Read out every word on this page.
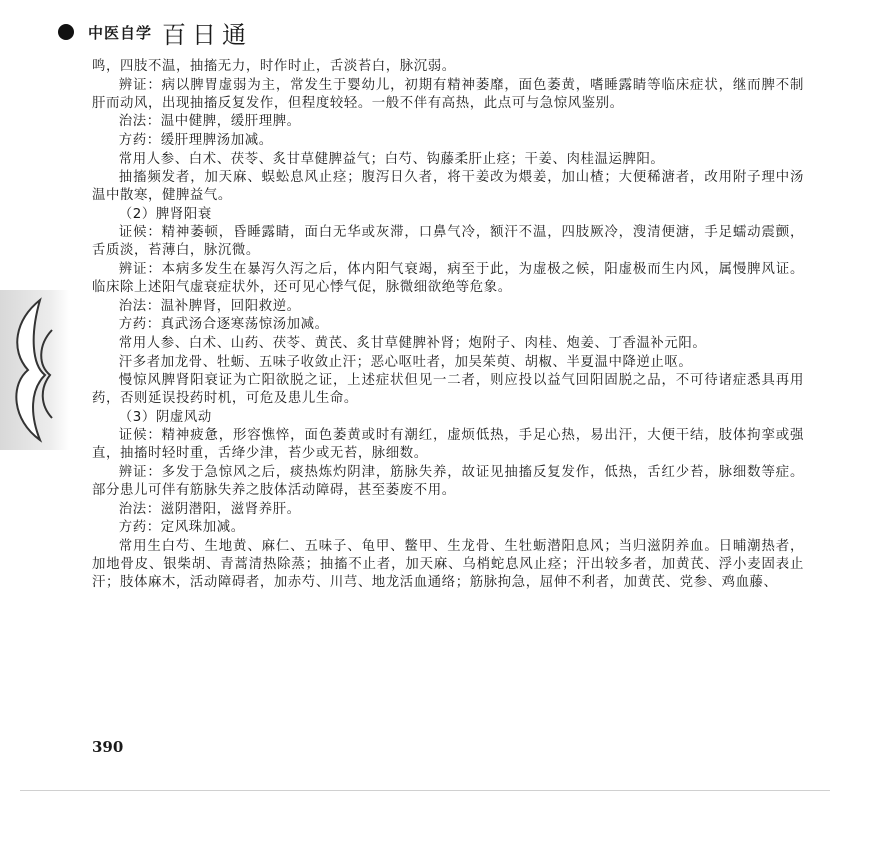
中医自学 百日通

鸣，四肢不温，抽搐无力，时作时止，舌淡苔白，脉沉弱。

辨证：病以脾胃虚弱为主，常发生于婴幼儿，初期有精神萎靡，面色萎黄，嗜睡露睛等临床症状，继而脾不制肝而动风，出现抽搐反复发作，但程度较轻。一般不伴有高热，此点可与急惊风鉴别。

治法：温中健脾，缓肝理脾。

方药：缓肝理脾汤加减。

常用人参、白术、茯苓、炙甘草健脾益气；白芍、钩藤柔肝止痉；干姜、肉桂温运脾阳。

抽搐频发者，加天麻、蜈蚣息风止痉；腹泻日久者，将干姜改为煨姜，加山楂；大便稀溏者，改用附子理中汤温中散寒，健脾益气。

（2）脾肾阳衰

证候：精神萎顿，昏睡露睛，面白无华或灰滞，口鼻气冷，额汗不温，四肢厥冷，溲清便溏，手足蠕动震颤，舌质淡，苔薄白，脉沉微。

辨证：本病多发生在暴泻久泻之后，体内阳气衰竭，病至于此，为虚极之候，阳虚极而生内风，属慢脾风证。临床除上述阳气虚衰症状外，还可见心悸气促，脉微细欲绝等危象。

治法：温补脾肾，回阳救逆。

方药：真武汤合逐寒荡惊汤加减。

常用人参、白术、山药、茯苓、黄芪、炙甘草健脾补肾；炮附子、肉桂、炮姜、丁香温补元阳。

汗多者加龙骨、牡蛎、五味子收敛止汗；恶心呕吐者，加吴茱萸、胡椒、半夏温中降逆止呕。

慢惊风脾肾阳衰证为亡阳欲脱之证，上述症状但见一二者，则应投以益气回阳固脱之品，不可待诸症悉具再用药，否则延误投药时机，可危及患儿生命。

（3）阴虚风动

证候：精神疲惫，形容憔悴，面色萎黄或时有潮红，虚烦低热，手足心热，易出汗，大便干结，肢体拘挛或强直，抽搐时轻时重，舌绛少津，苔少或无苔，脉细数。

辨证：多发于急惊风之后，痰热炼灼阴津，筋脉失养，故证见抽搐反复发作，低热，舌红少苔，脉细数等症。部分患儿可伴有筋脉失养之肢体活动障碍，甚至萎废不用。

治法：滋阴潜阳，滋肾养肝。

方药：定风珠加减。

常用生白芍、生地黄、麻仁、五味子、龟甲、鳖甲、生龙骨、生牡蛎潜阳息风；当归滋阴养血。日晡潮热者，加地骨皮、银柴胡、青蒿清热除蒸；抽搐不止者，加天麻、乌梢蛇息风止痉；汗出较多者，加黄芪、浮小麦固表止汗；肢体麻木，活动障碍者，加赤芍、川芎、地龙活血通络；筋脉拘急，屈伸不利者，加黄芪、党参、鸡血藤、

390
